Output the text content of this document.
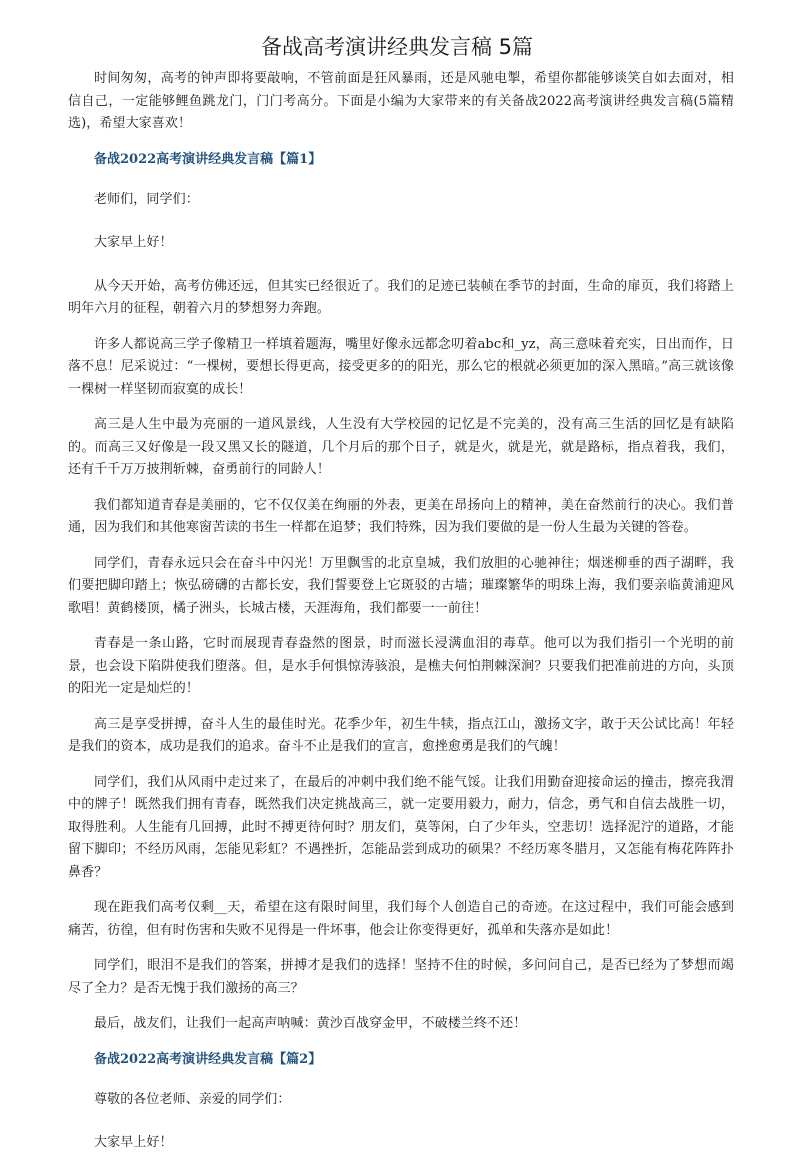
备战高考演讲经典发言稿 5篇

时间匆匆，高考的钟声即将要敲响，不管前面是狂风暴雨，还是风驰电掣，希望你都能够谈笑自如去面对，相信自己，一定能够鲤鱼跳龙门，门门考高分。下面是小编为大家带来的有关备战2022高考演讲经典发言稿(5篇精选)，希望大家喜欢！

备战2022高考演讲经典发言稿【篇1】

老师们，同学们：

大家早上好！

从今天开始，高考仿佛还远，但其实已经很近了。我们的足迹已装帧在季节的封面，生命的扉页，我们将踏上明年六月的征程，朝着六月的梦想努力奔跑。

许多人都说高三学子像精卫一样填着题海，嘴里好像永远都念叨着abc和_yz，高三意味着充实，日出而作，日落不息！尼采说过：“一棵树，要想长得更高，接受更多的的阳光，那么它的根就必须更加的深入黑暗。”高三就该像一棵树一样坚韧而寂寞的成长！

高三是人生中最为亮丽的一道风景线，人生没有大学校园的记忆是不完美的，没有高三生活的回忆是有缺陷的。而高三又好像是一段又黑又长的隧道，几个月后的那个日子，就是火，就是光，就是路标，指点着我，我们，还有千千万万披荆斩棘，奋勇前行的同龄人！

我们都知道青春是美丽的，它不仅仅美在绚丽的外表，更美在昂扬向上的精神，美在奋然前行的决心。我们普通，因为我们和其他寒窗苦读的书生一样都在追梦；我们特殊，因为我们要做的是一份人生最为关键的答卷。

同学们，青春永远只会在奋斗中闪光！万里飘雪的北京皇城，我们放胆的心驰神往；烟迷柳垂的西子湖畔，我们要把脚印踏上；恢弘磅礴的古都长安，我们誓要登上它斑驳的古墙；璀璨繁华的明珠上海，我们要亲临黄浦迎风歌唱！黄鹤楼顶，橘子洲头，长城古楼，天涯海角，我们都要一一前往！

青春是一条山路，它时而展现青春盎然的图景，时而滋长浸满血泪的毒草。他可以为我们指引一个光明的前景，也会设下陷阱使我们堕落。但，是水手何惧惊涛骇浪，是樵夫何怕荆棘深涧？只要我们把准前进的方向，头顶的阳光一定是灿烂的！

高三是享受拼搏，奋斗人生的最佳时光。花季少年，初生牛犊，指点江山，激扬文字，敢于天公试比高！年轻是我们的资本，成功是我们的追求。奋斗不止是我们的宣言，愈挫愈勇是我们的气魄！

同学们，我们从风雨中走过来了，在最后的冲刺中我们绝不能气馁。让我们用勤奋迎接命运的撞击，擦亮我渭中的牌子！既然我们拥有青春，既然我们决定挑战高三，就一定要用毅力，耐力，信念，勇气和自信去战胜一切，取得胜利。人生能有几回搏，此时不搏更待何时？朋友们，莫等闲，白了少年头，空悲切！选择泥泞的道路，才能留下脚印；不经历风雨，怎能见彩虹？不遇挫折，怎能品尝到成功的硕果？不经历寒冬腊月，又怎能有梅花阵阵扑鼻香？

现在距我们高考仅剩__天，希望在这有限时间里，我们每个人创造自己的奇迹。在这过程中，我们可能会感到痛苦，彷徨，但有时伤害和失败不见得是一件坏事，他会让你变得更好，孤单和失落亦是如此！

同学们，眼泪不是我们的答案，拼搏才是我们的选择！坚持不住的时候，多问问自己，是否已经为了梦想而竭尽了全力？是否无愧于我们激扬的高三？

最后，战友们，让我们一起高声呐喊：黄沙百战穿金甲，不破楼兰终不还！

备战2022高考演讲经典发言稿【篇2】

尊敬的各位老师、亲爱的同学们：

大家早上好！
